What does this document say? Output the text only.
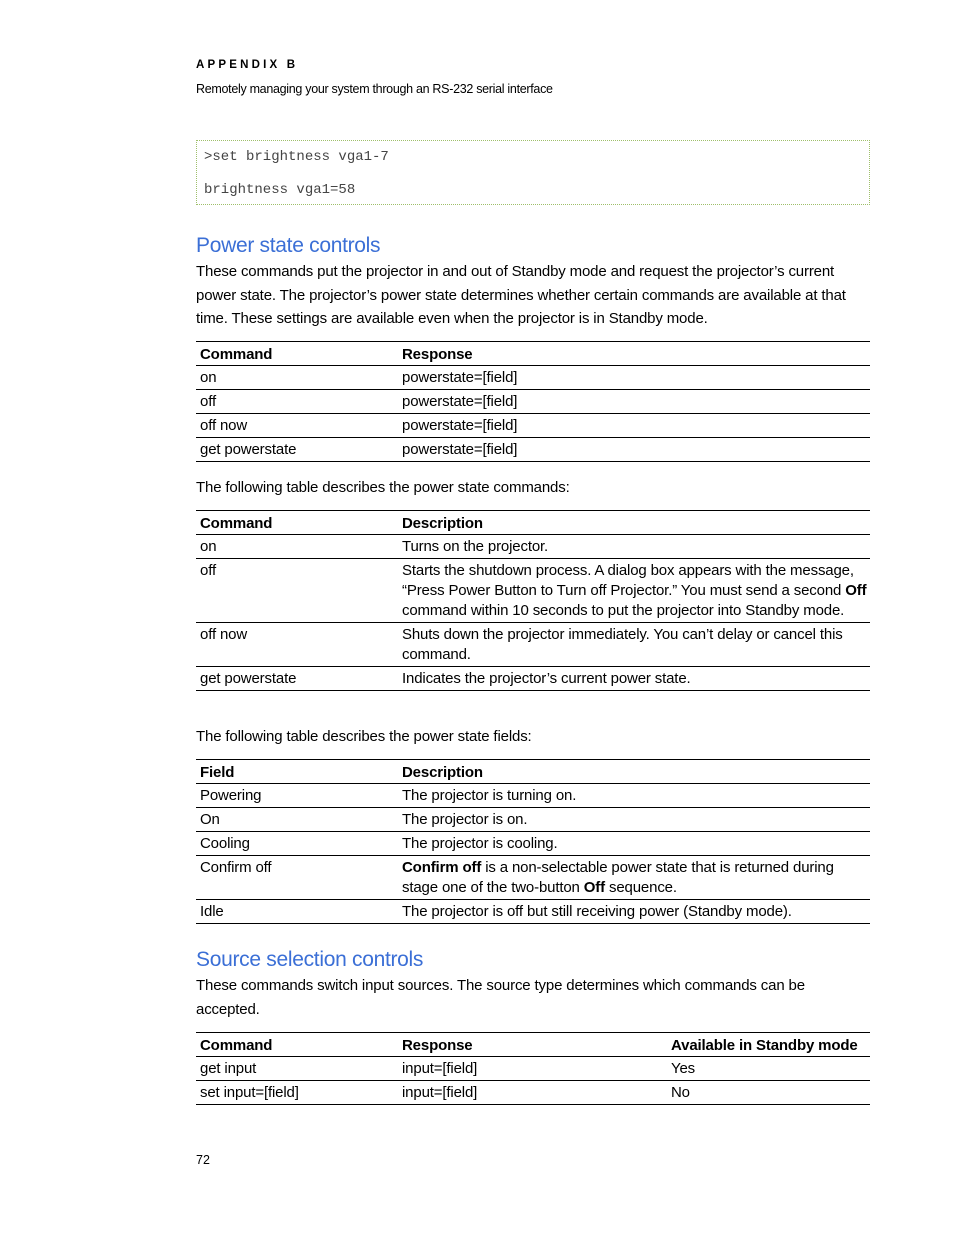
APPENDIX B
Remotely managing your system through an RS-232 serial interface
>set brightness vga1-7
brightness vga1=58
Power state controls
These commands put the projector in and out of Standby mode and request the projector’s current power state. The projector’s power state determines whether certain commands are available at that time. These settings are available even when the projector is in Standby mode.
Command	Response
on	powerstate=[field]
off	powerstate=[field]
off now	powerstate=[field]
get powerstate	powerstate=[field]
The following table describes the power state commands:
Command	Description
on	Turns on the projector.
off	Starts the shutdown process. A dialog box appears with the message, “Press Power Button to Turn off Projector.” You must send a second Off command within 10 seconds to put the projector into Standby mode.
off now	Shuts down the projector immediately. You can’t delay or cancel this command.
get powerstate	Indicates the projector’s current power state.
The following table describes the power state fields:
Field	Description
Powering	The projector is turning on.
On	The projector is on.
Cooling	The projector is cooling.
Confirm off	Confirm off is a non-selectable power state that is returned during stage one of the two-button Off sequence.
Idle	The projector is off but still receiving power (Standby mode).
Source selection controls
These commands switch input sources. The source type determines which commands can be accepted.
Command	Response	Available in Standby mode
get input	input=[field]	Yes
set input=[field]	input=[field]	No
72
